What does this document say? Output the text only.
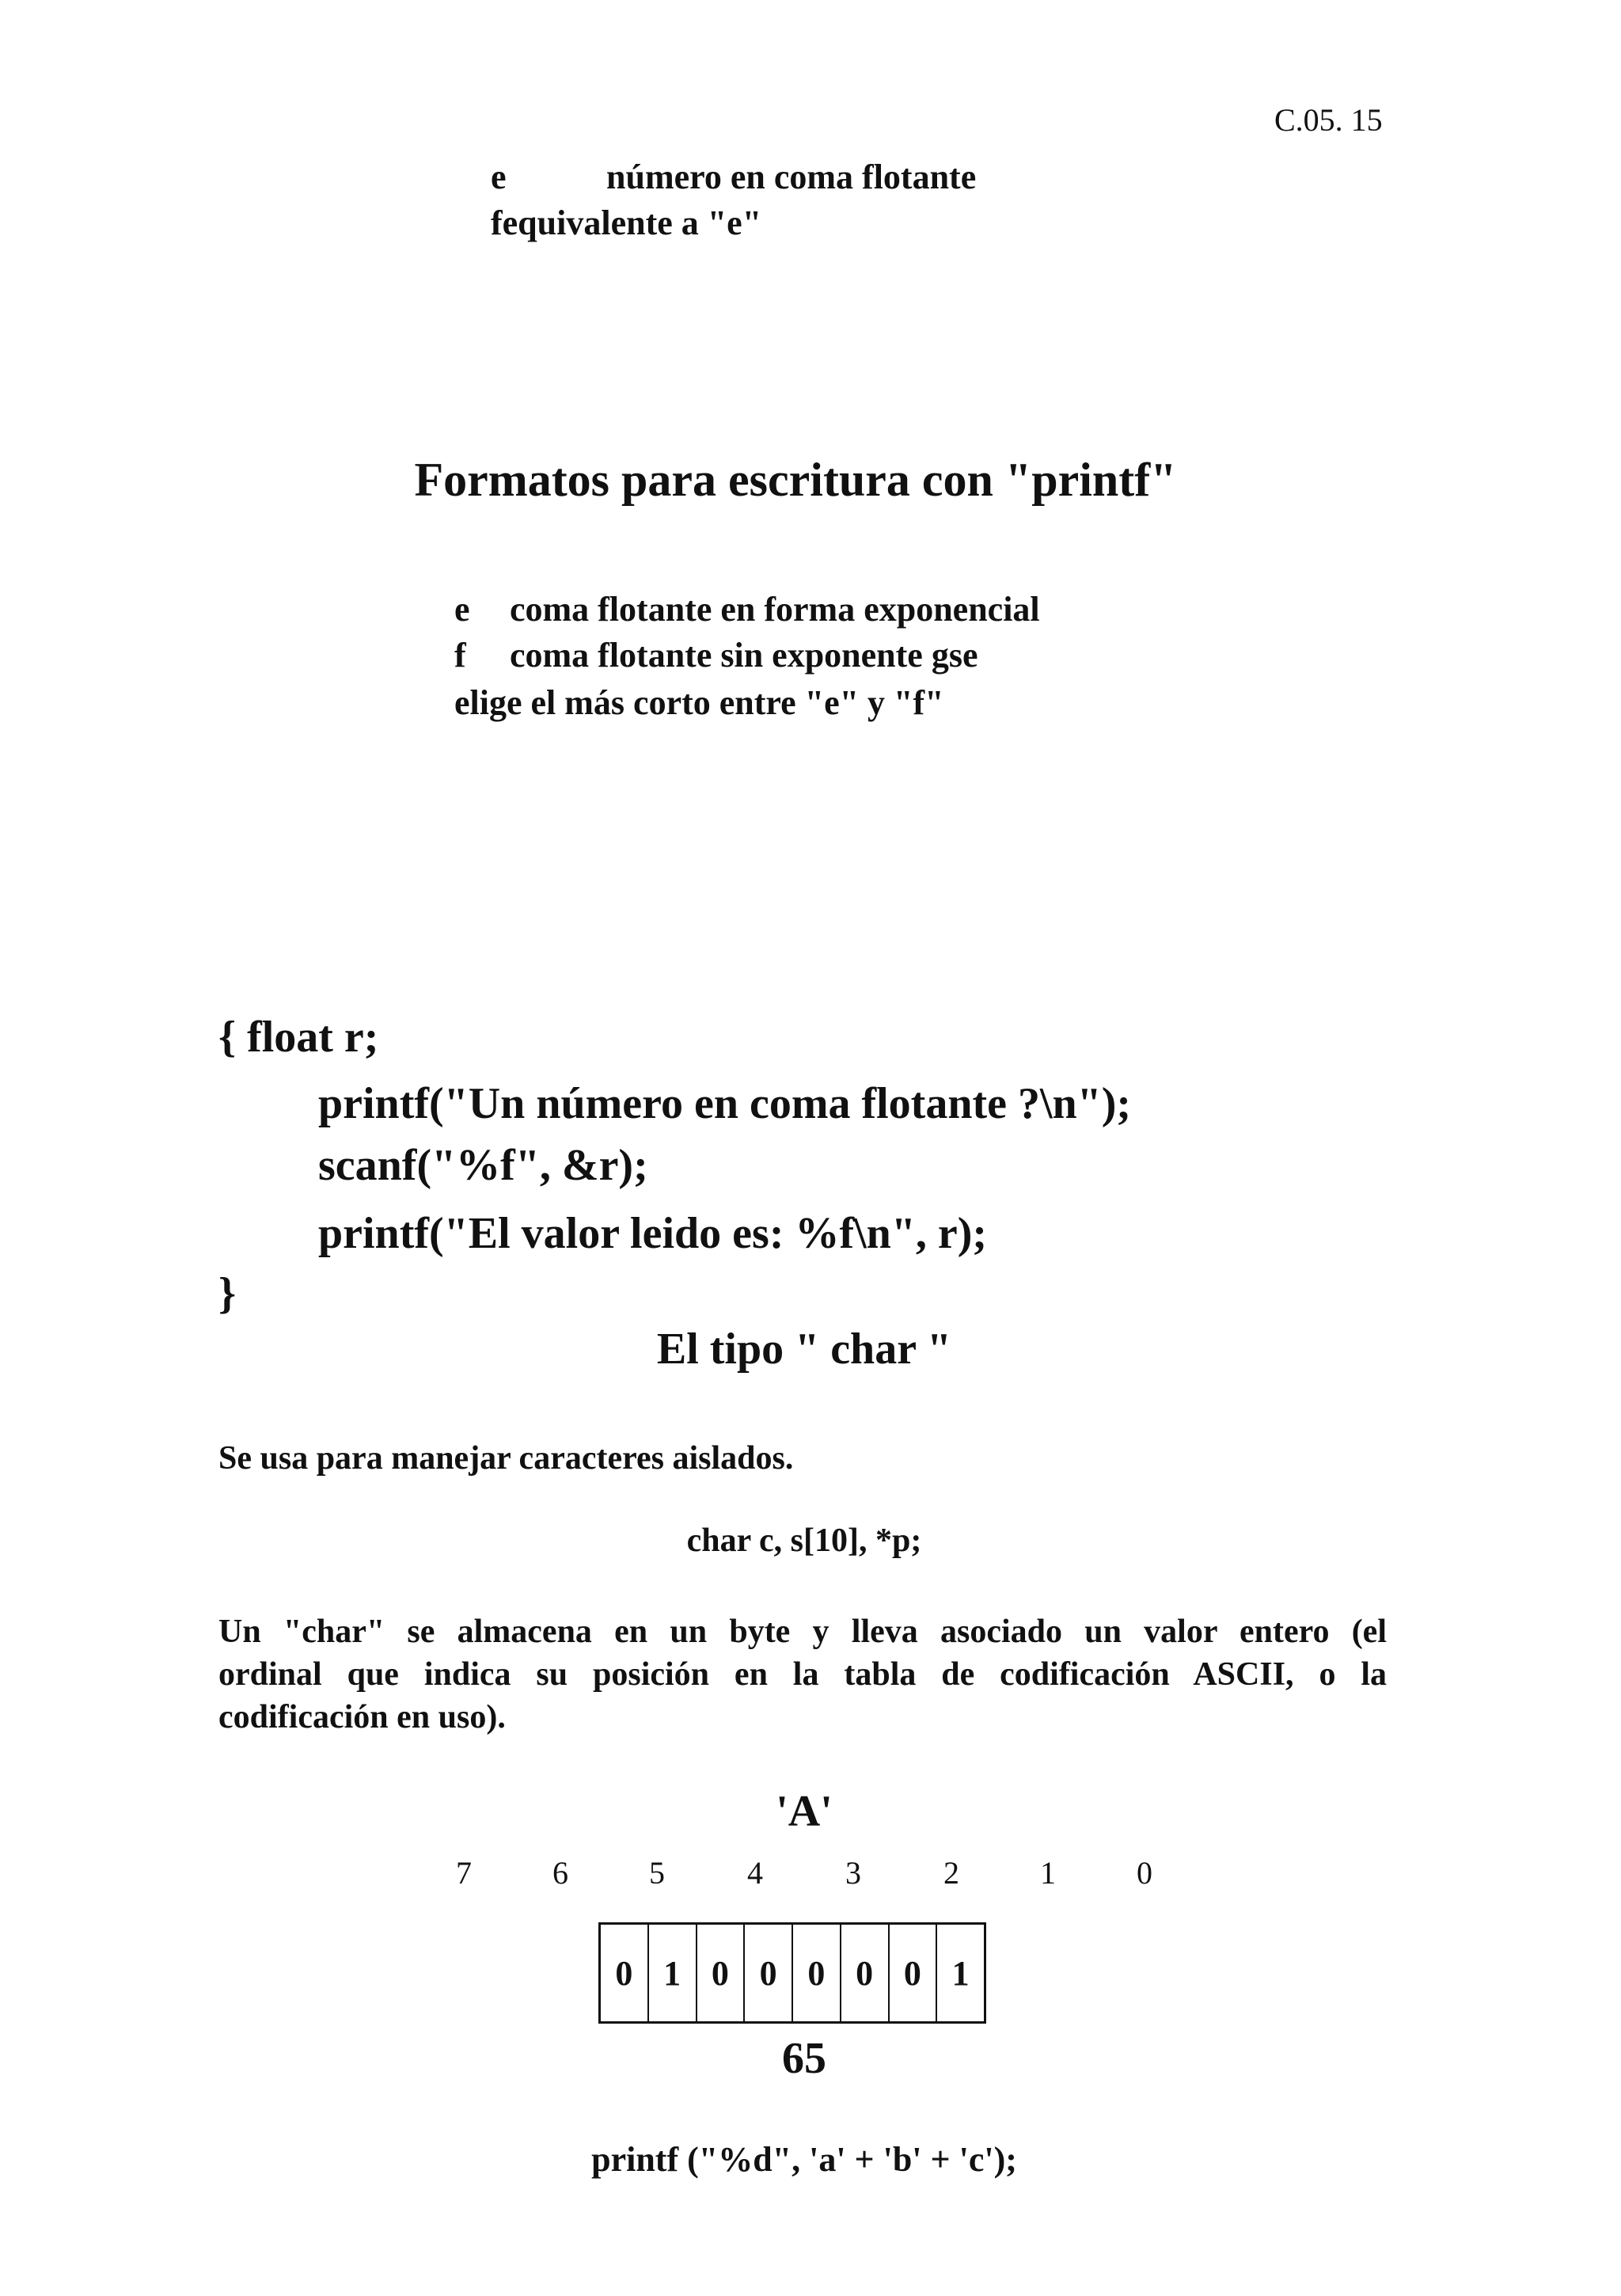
C.05. 15
e	número en coma flotante
fequivalente a "e"
Formatos para escritura con "printf"
e coma flotante en forma exponencial
f coma flotante sin exponente gse
elige el más corto entre "e" y "f"
{ float r;
printf("Un número en coma flotante ?\n");
scanf("%f", &r);
printf("El valor leido es: %f\n", r);
}
El tipo " char "
Se usa para manejar caracteres aislados.
char c, s[10], *p;
Un "char" se almacena en un byte y lleva asociado un valor entero (el
ordinal que indica su posición en la tabla de codificación ASCII, o la
codificación en uso).
'A'
7	6	5	4	3	2	1	0
0 1 0 0 0 0 0 1
65
printf ("%d", 'a' + 'b' + 'c');
